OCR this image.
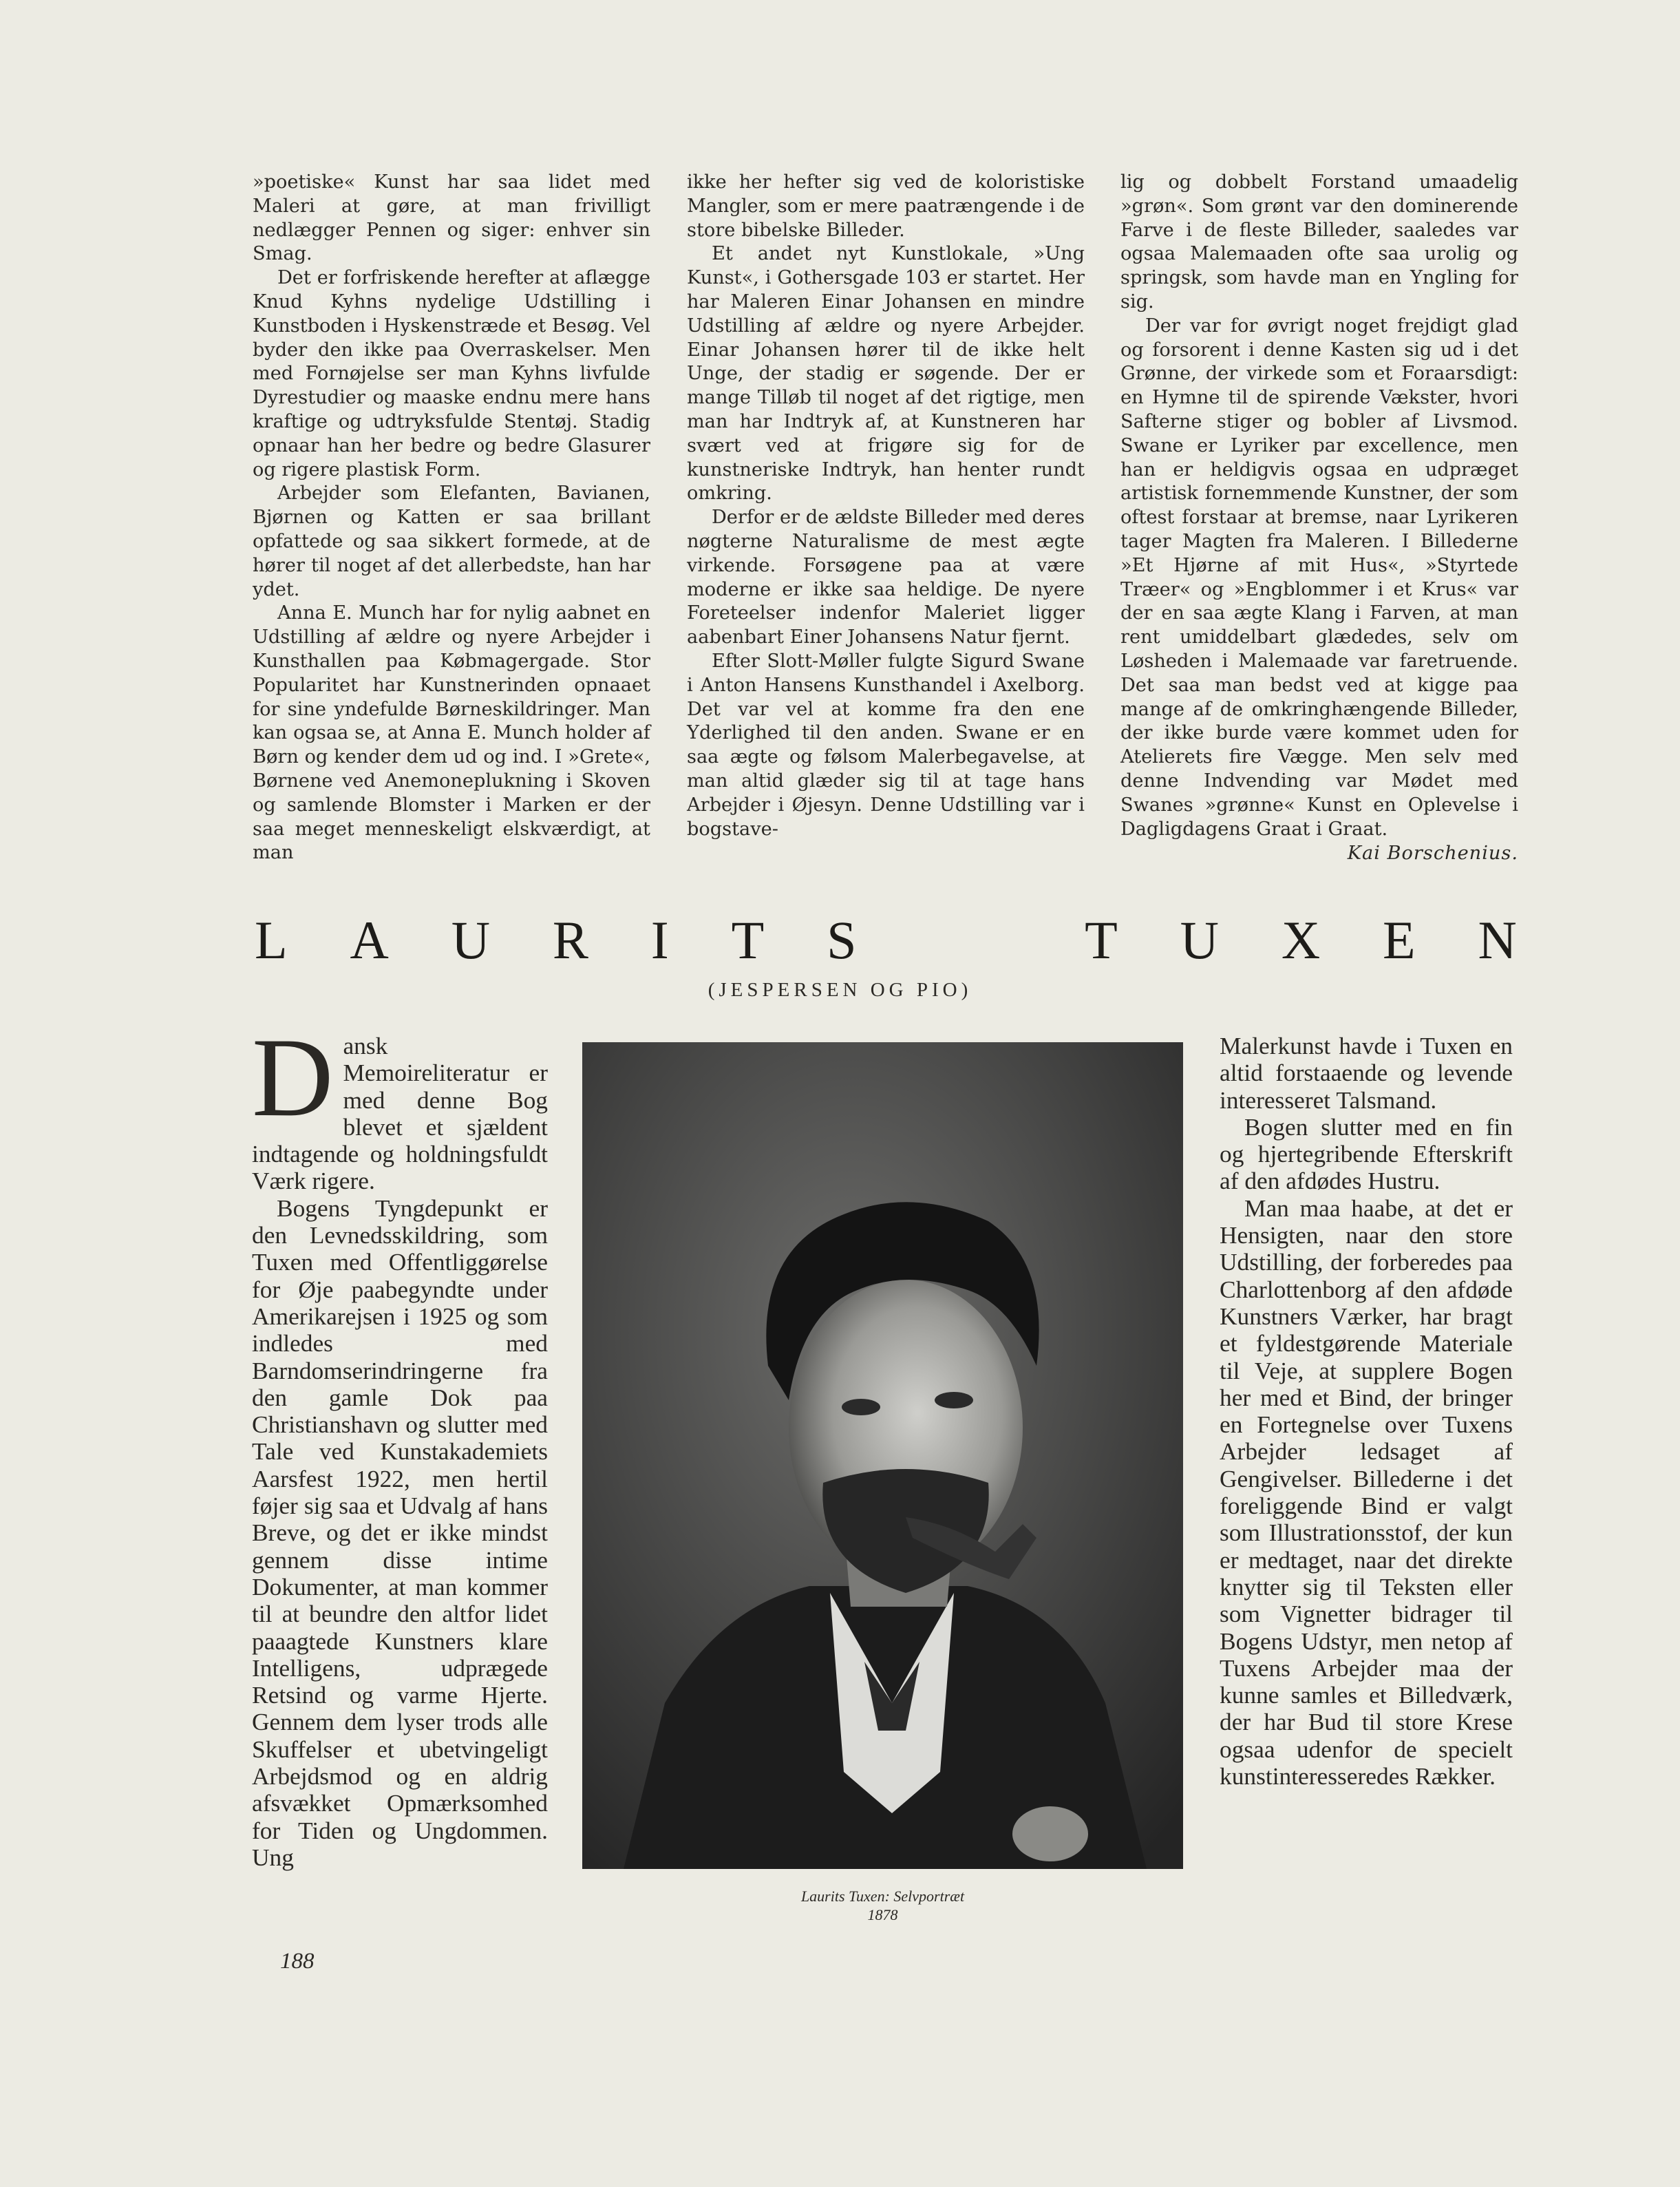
»poetiske« Kunst har saa lidet med Maleri at gøre, at man frivilligt nedlægger Pennen og siger: enhver sin Smag.

Det er forfriskende herefter at aflægge Knud Kyhns nydelige Udstilling i Kunstboden i Hyskenstræde et Besøg. Vel byder den ikke paa Overraskelser. Men med Fornøjelse ser man Kyhns livfulde Dyrestudier og maaske endnu mere hans kraftige og udtryksfulde Stentøj. Stadig opnaar han her bedre og bedre Glasurer og rigere plastisk Form.

Arbejder som Elefanten, Bavianen, Bjørnen og Katten er saa brillant opfattede og saa sikkert formede, at de hører til noget af det allerbedste, han har ydet.

Anna E. Munch har for nylig aabnet en Udstilling af ældre og nyere Arbejder i Kunsthallen paa Købmagergade. Stor Popularitet har Kunstnerinden opnaaet for sine yndefulde Børneskildringer. Man kan ogsaa se, at Anna E. Munch holder af Børn og kender dem ud og ind. I »Grete«, Børnene ved Anemoneplukning i Skoven og samlende Blomster i Marken er der saa meget menneskeligt elskværdigt, at man

ikke her hefter sig ved de koloristiske Mangler, som er mere paatrængende i de store bibelske Billeder.

Et andet nyt Kunstlokale, »Ung Kunst«, i Gothersgade 103 er startet. Her har Maleren Einar Johansen en mindre Udstilling af ældre og nyere Arbejder. Einar Johansen hører til de ikke helt Unge, der stadig er søgende. Der er mange Tilløb til noget af det rigtige, men man har Indtryk af, at Kunstneren har svært ved at frigøre sig for de kunstneriske Indtryk, han henter rundt omkring.

Derfor er de ældste Billeder med deres nøgterne Naturalisme de mest ægte virkende. Forsøgene paa at være moderne er ikke saa heldige. De nyere Foreteelser indenfor Maleriet ligger aabenbart Einer Johansens Natur fjernt.

Efter Slott-Møller fulgte Sigurd Swane i Anton Hansens Kunsthandel i Axelborg. Det var vel at komme fra den ene Yderlighed til den anden. Swane er en saa ægte og følsom Malerbegavelse, at man altid glæder sig til at tage hans Arbejder i Øjesyn. Denne Udstilling var i bogstave-

lig og dobbelt Forstand umaadelig »grøn«. Som grønt var den dominerende Farve i de fleste Billeder, saaledes var ogsaa Malemaaden ofte saa urolig og springsk, som havde man en Yngling for sig.

Der var for øvrigt noget frejdigt glad og forsorent i denne Kasten sig ud i det Grønne, der virkede som et Foraarsdigt: en Hymne til de spirende Vækster, hvori Safterne stiger og bobler af Livsmod. Swane er Lyriker par excellence, men han er heldigvis ogsaa en udpræget artistisk fornemmende Kunstner, der som oftest forstaar at bremse, naar Lyrikeren tager Magten fra Maleren. I Billederne »Et Hjørne af mit Hus«, »Styrtede Træer« og »Engblommer i et Krus« var der en saa ægte Klang i Farven, at man rent umiddelbart glædedes, selv om Løsheden i Malemaade var faretruende. Det saa man bedst ved at kigge paa mange af de omkringhængende Billeder, der ikke burde være kommet uden for Atelierets fire Vægge. Men selv med denne Indvending var Mødet med Swanes »grønne« Kunst en Oplevelse i Dagligdagens Graat i Graat.

Kai Borschenius.
L A U R I T S	T U X E N
(JESPERSEN OG PIO)

Dansk Memoireliteratur er med denne Bog blevet et sjældent indtagende og holdningsfuldt Værk rigere.

Bogens Tyngdepunkt er den Levnedsskildring, som Tuxen med Offentliggørelse for Øje paabegyndte under Amerikarejsen i 1925 og som indledes med Barndomserindringerne fra den gamle Dok paa Christianshavn og slutter med Tale ved Kunstakademiets Aarsfest 1922, men hertil føjer sig saa et Udvalg af hans Breve, og det er ikke mindst gennem disse intime Dokumenter, at man kommer til at beundre den altfor lidet paaagtede Kunstners klare Intelligens, udprægede Retsind og varme Hjerte. Gennem dem lyser trods alle Skuffelser et ubetvingeligt Arbejdsmod og en aldrig afsvækket Opmærksomhed for Tiden og Ungdommen. Ung

Laurits Tuxen: Selvportræt
1878

Malerkunst havde i Tuxen en altid forstaaende og levende interesseret Talsmand.

Bogen slutter med en fin og hjertegribende Efterskrift af den afdødes Hustru.

Man maa haabe, at det er Hensigten, naar den store Udstilling, der forberedes paa Charlottenborg af den afdøde Kunstners Værker, har bragt et fyldestgørende Materiale til Veje, at supplere Bogen her med et Bind, der bringer en Fortegnelse over Tuxens Arbejder ledsaget af Gengivelser. Billederne i det foreliggende Bind er valgt som Illustrationsstof, der kun er medtaget, naar det direkte knytter sig til Teksten eller som Vignetter bidrager til Bogens Udstyr, men netop af Tuxens Arbejder maa der kunne samles et Billedværk, der har Bud til store Krese ogsaa udenfor de specielt kunstinteresseredes Rækker.

188
